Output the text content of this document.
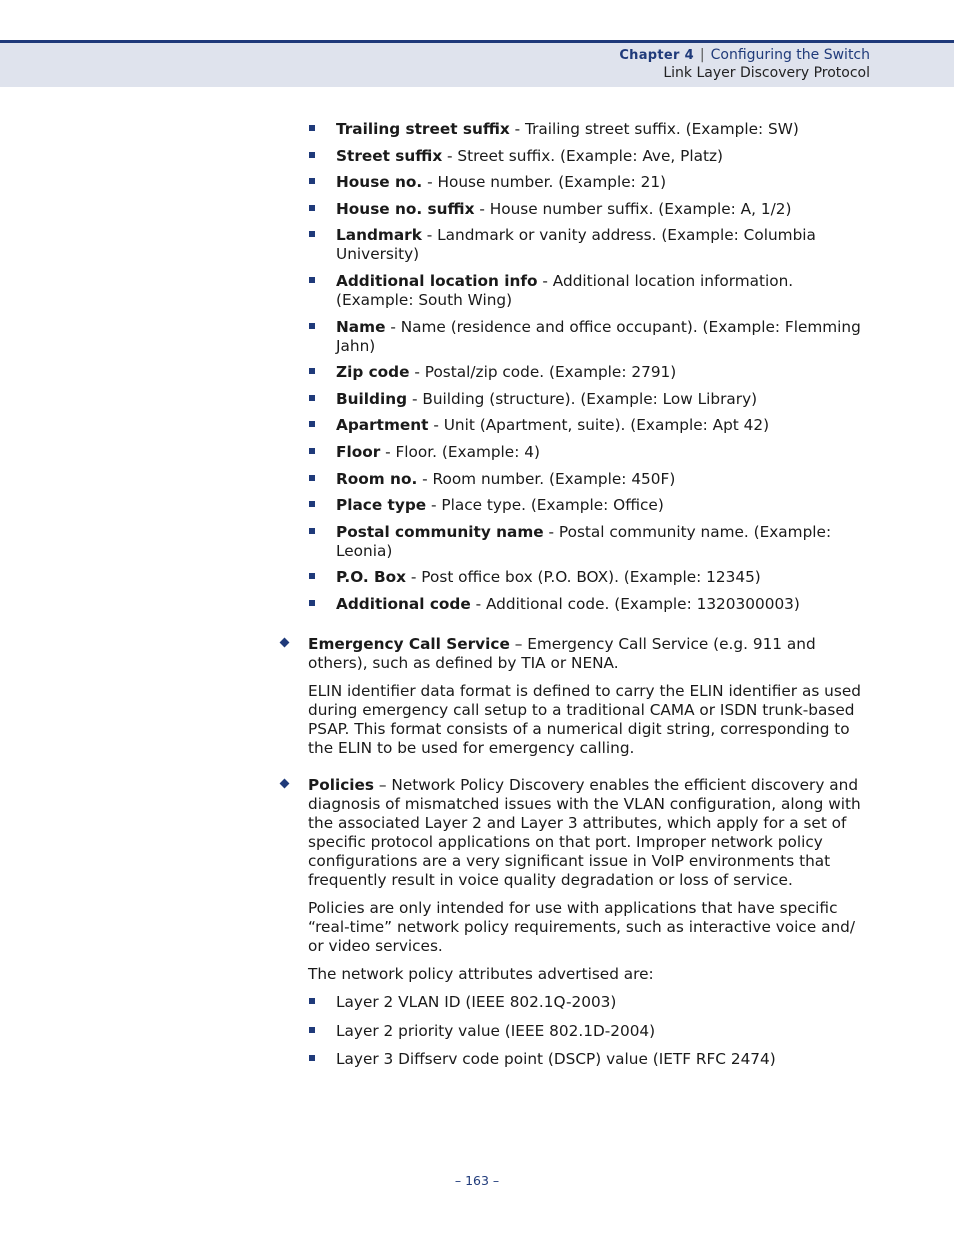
Chapter 4 | Configuring the Switch
Link Layer Discovery Protocol
Trailing street suffix - Trailing street suffix. (Example: SW)
Street suffix - Street suffix. (Example: Ave, Platz)
House no. - House number. (Example: 21)
House no. suffix - House number suffix. (Example: A, 1/2)
Landmark - Landmark or vanity address. (Example: Columbia University)
Additional location info - Additional location information. (Example: South Wing)
Name - Name (residence and office occupant). (Example: Flemming Jahn)
Zip code - Postal/zip code. (Example: 2791)
Building - Building (structure). (Example: Low Library)
Apartment - Unit (Apartment, suite). (Example: Apt 42)
Floor - Floor. (Example: 4)
Room no. - Room number. (Example: 450F)
Place type - Place type. (Example: Office)
Postal community name - Postal community name. (Example: Leonia)
P.O. Box - Post office box (P.O. BOX). (Example: 12345)
Additional code - Additional code. (Example: 1320300003)

Emergency Call Service – Emergency Call Service (e.g. 911 and others), such as defined by TIA or NENA.

ELIN identifier data format is defined to carry the ELIN identifier as used during emergency call setup to a traditional CAMA or ISDN trunk-based PSAP. This format consists of a numerical digit string, corresponding to the ELIN to be used for emergency calling.

Policies – Network Policy Discovery enables the efficient discovery and diagnosis of mismatched issues with the VLAN configuration, along with the associated Layer 2 and Layer 3 attributes, which apply for a set of specific protocol applications on that port. Improper network policy configurations are a very significant issue in VoIP environments that frequently result in voice quality degradation or loss of service.

Policies are only intended for use with applications that have specific “real-time” network policy requirements, such as interactive voice and/ or video services.

The network policy attributes advertised are:

Layer 2 VLAN ID (IEEE 802.1Q-2003)
Layer 2 priority value (IEEE 802.1D-2004)
Layer 3 Diffserv code point (DSCP) value (IETF RFC 2474)
– 163 –
